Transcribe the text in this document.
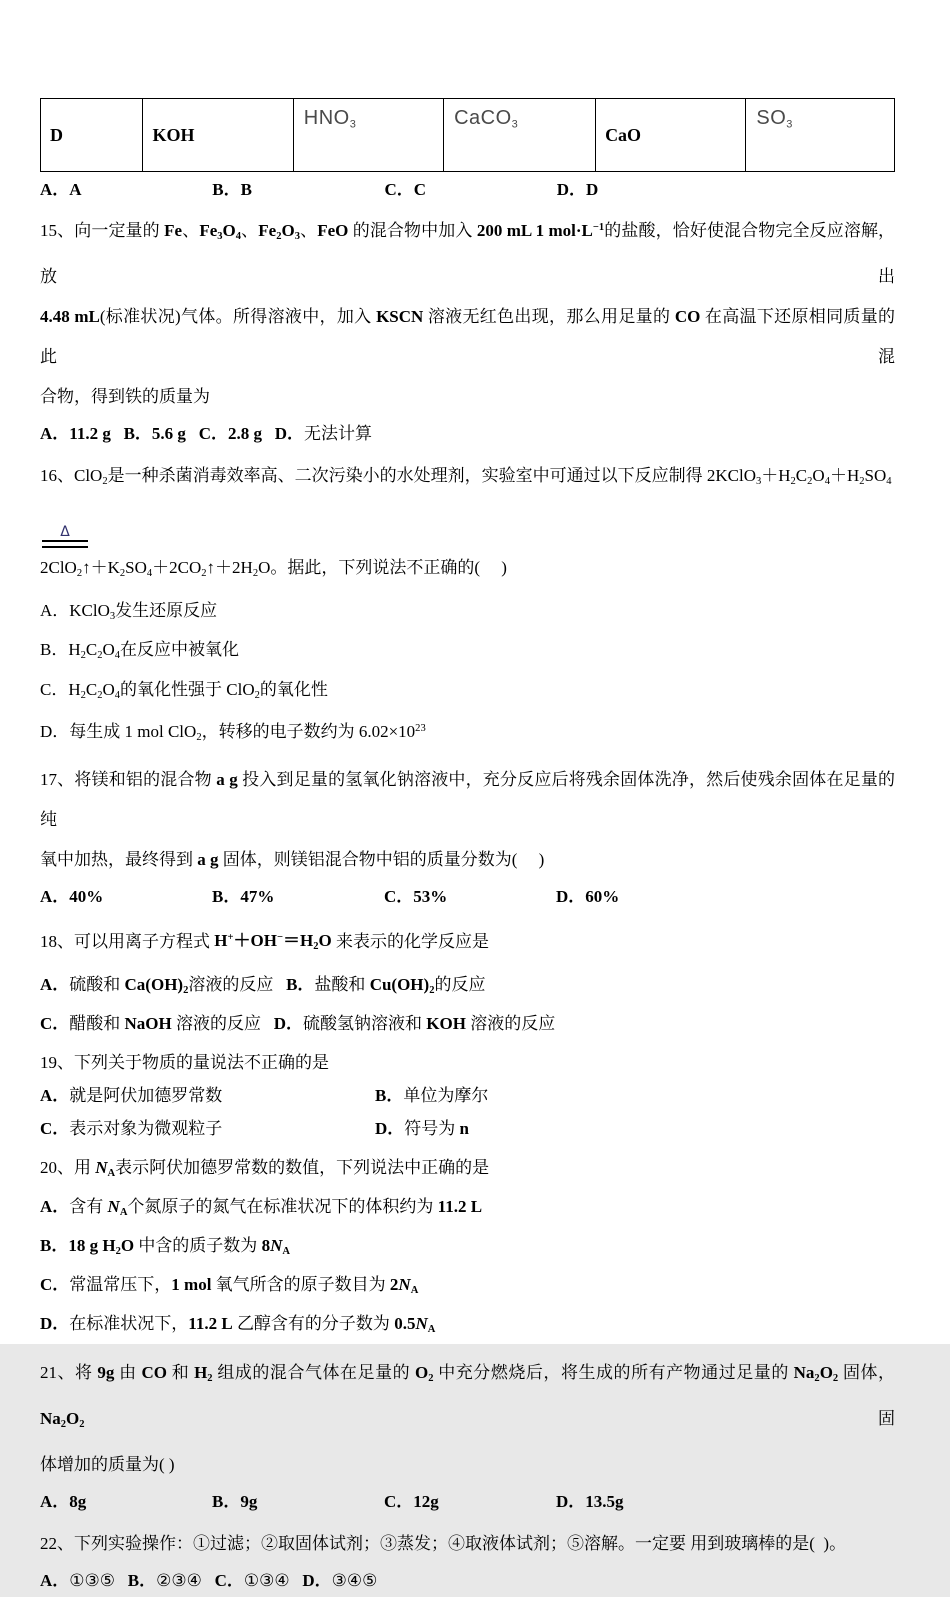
D	KOH	$HNO_3$	CaCO$_3$	CaO	$SO_3$
A．A	B．B	C．C	D．D
15、向一定量的 Fe、$Fe_3O_4$、$Fe_2O_3$、FeO 的混合物中加入 200 mL 1 $mol\cdot L^{-1}$的盐酸，恰好使混合物完全反应溶解，放出
4.48 mL(标准状况)气体。所得溶液中，加入 KSCN 溶液无红色出现，那么用足量的 CO 在高温下还原相同质量的此混
合物，得到铁的质量为
A．11.2 g B．5.6 g C．2.8 g D．无法计算
16、ClO$_2$是一种杀菌消毒效率高、二次污染小的水处理剂，实验室中可通过以下反应制得 $2KClO_3+H_2C_2O_4+H_2SO_4$
Δ
$2ClO_2↑+K_2SO_4+2CO_2↑+2H_2O$。据此，下列说法不正确的(     )
A．KClO$_3$发生还原反应
B．$H_2C_2O_4$在反应中被氧化
C．$H_2C_2O_4$的氧化性强于 ClO$_2$的氧化性
D．每生成 1 mol ClO$_2$，转移的电子数约为 $6.02\times 10^{23}$
17、将镁和铝的混合物 a g 投入到足量的氢氧化钠溶液中，充分反应后将残余固体洗净，然后使残余固体在足量的纯
氧中加热，最终得到 a g 固体，则镁铝混合物中铝的质量分数为(     )
A．40%	B．47%	C．53%	D．60%
18、可以用离子方程式 $H^++OH^-=H_2O$ 来表示的化学反应是
A．硫酸和 $Ca(OH)_2$溶液的反应   B．盐酸和 $Cu(OH)_2$的反应
C．醋酸和 NaOH 溶液的反应   D．硫酸氢钠溶液和 KOH 溶液的反应
19、下列关于物质的量说法不正确的是
A．就是阿伏加德罗常数	B．单位为摩尔
C．表示对象为微观粒子	D．符号为 n
20、用 $N_A$表示阿伏加德罗常数的数值，下列说法中正确的是
A．含有 $N_A$个氮原子的氮气在标准状况下的体积约为 11.2 L
B．18 g $H_2O$ 中含的质子数为 $8N_A$
C．常温常压下，1 mol 氧气所含的原子数目为 $2N_A$
D．在标准状况下，11.2 L 乙醇含有的分子数为 $0.5N_A$
21、将 9g 由 CO 和 $H_2$ 组成的混合气体在足量的 $O_2$ 中充分燃烧后，将生成的所有产物通过足量的 $Na_2O_2$ 固体，$Na_2O_2$ 固
体增加的质量为( )
A．8g	B．9g	C．12g	D．13.5g
22、下列实验操作：①过滤；②取固体试剂；③蒸发；④取液体试剂；⑤溶解。一定要 用到玻璃棒的是(  )。
A．①③⑤   B．②③④   C．①③④   D．③④⑤
